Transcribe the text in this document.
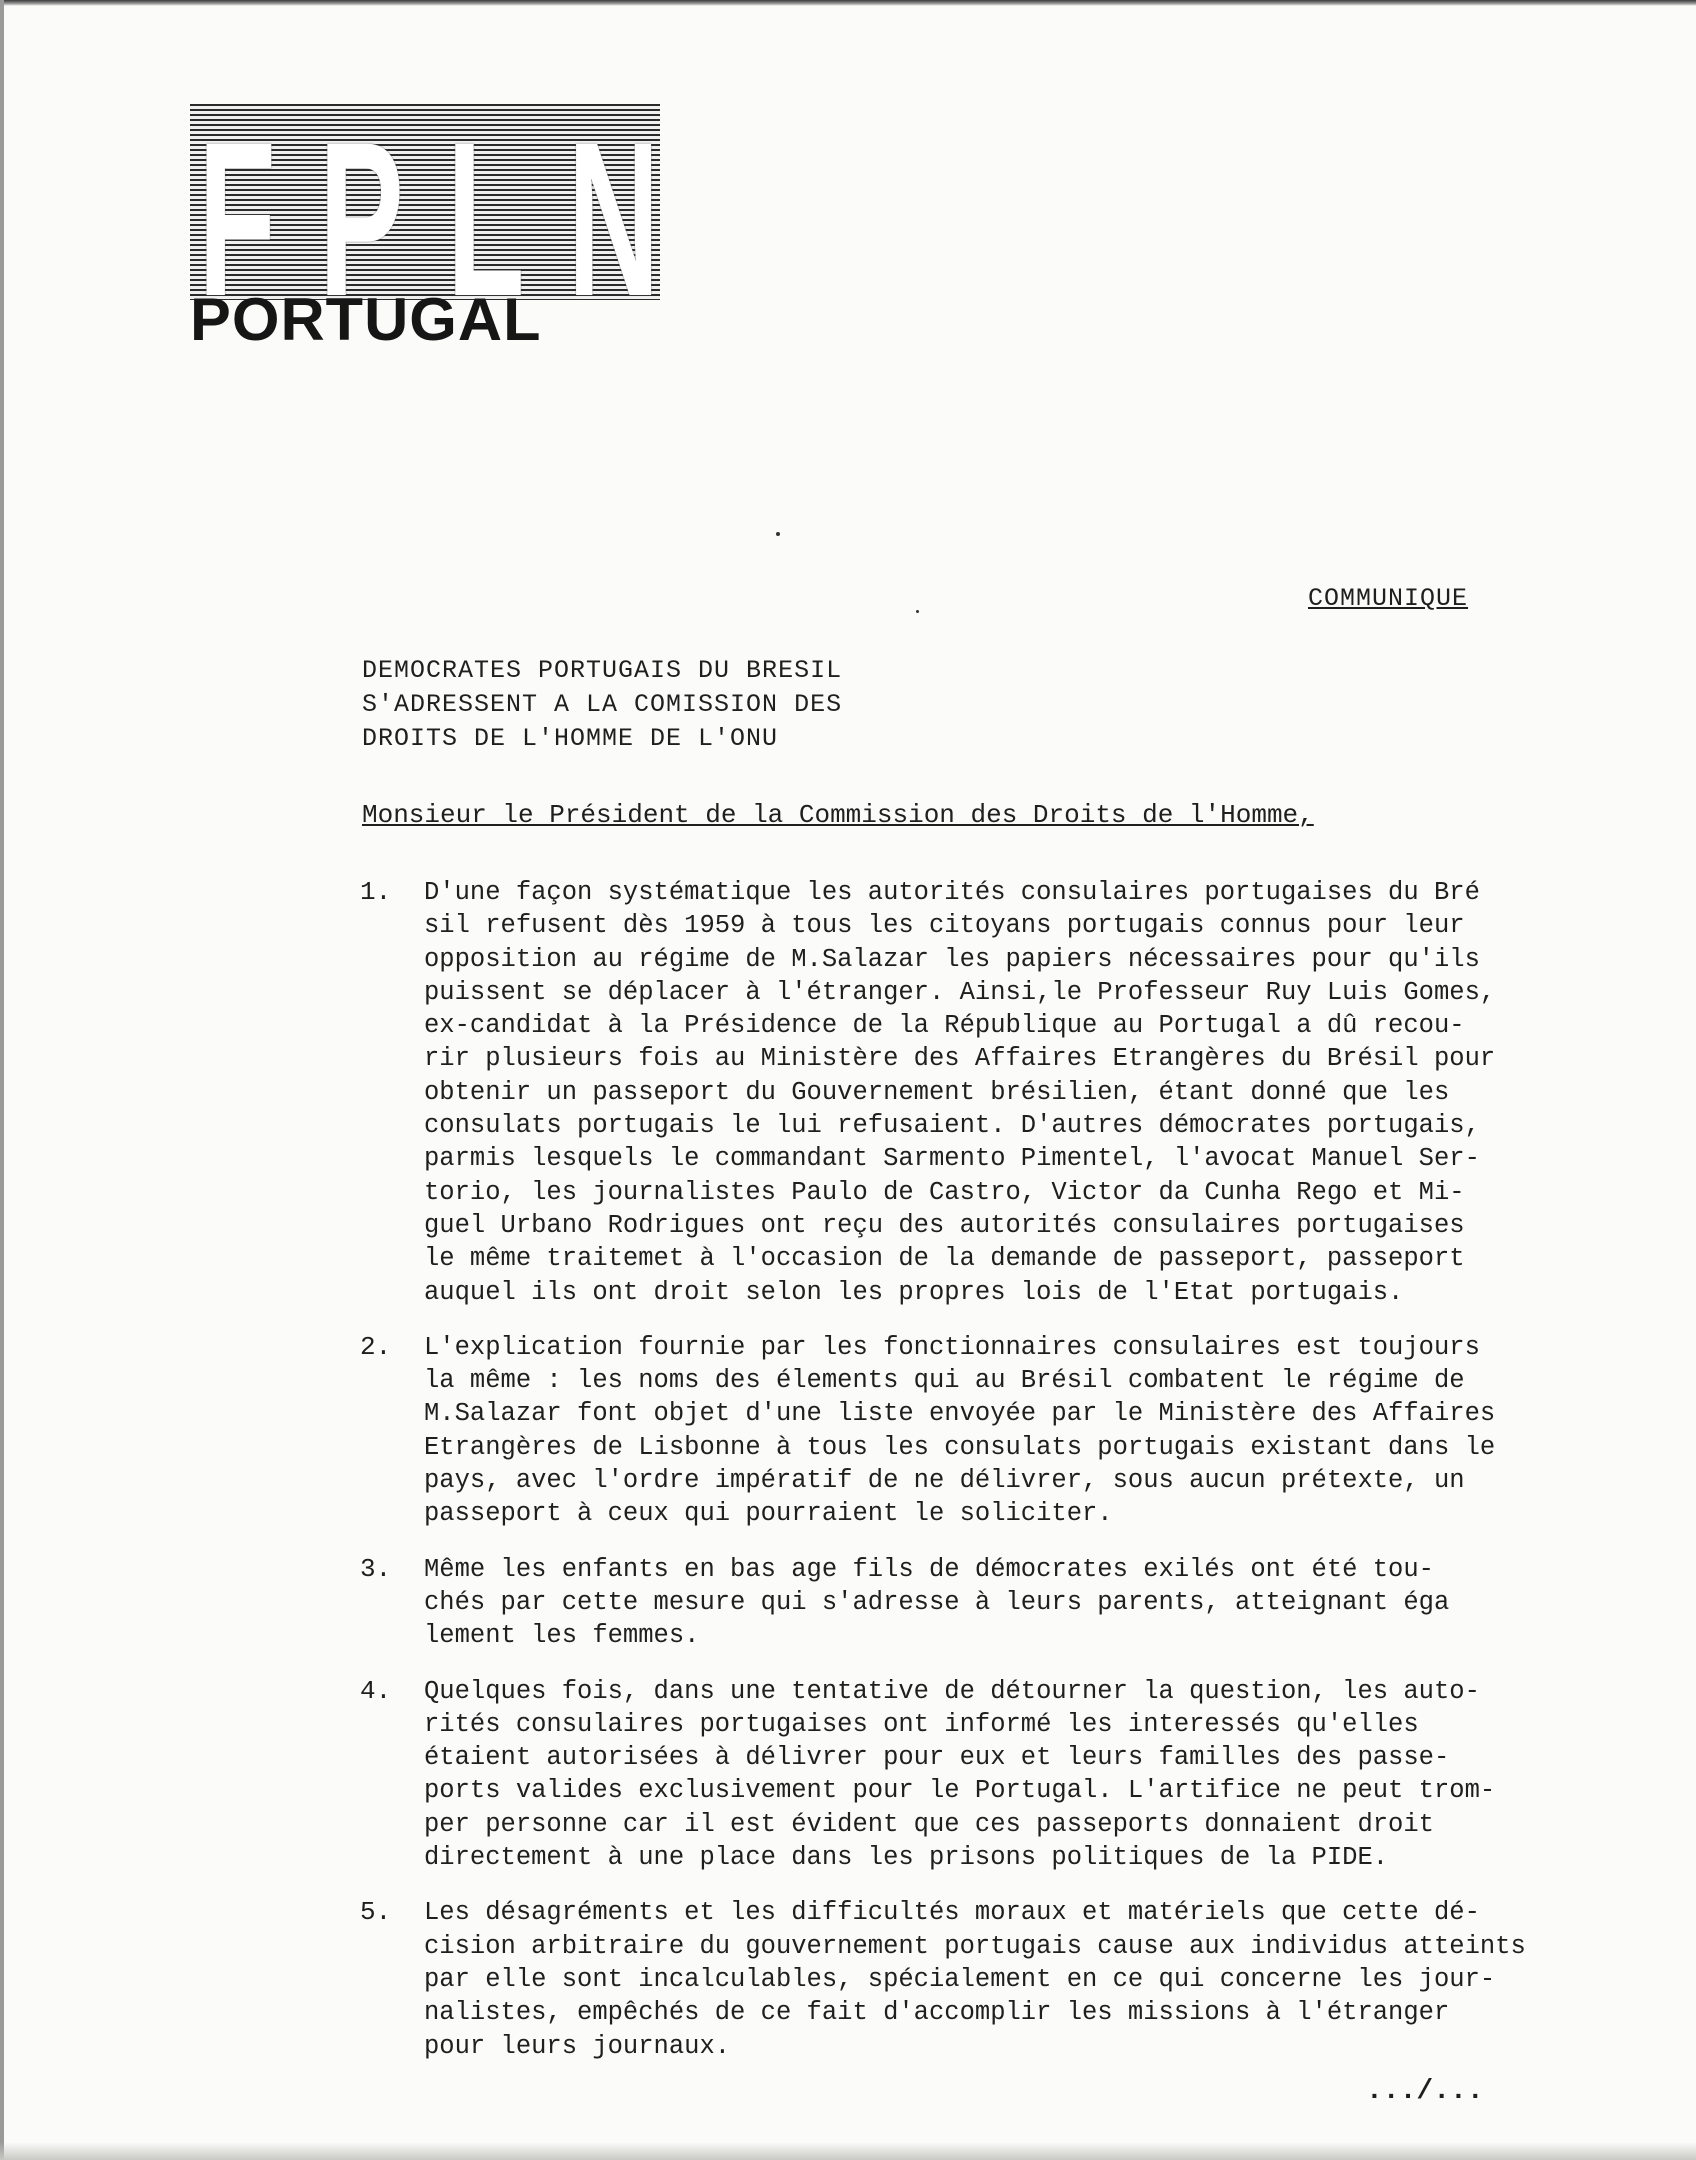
F P L N
PORTUGAL
COMMUNIQUE
DEMOCRATES PORTUGAIS DU BRESIL
S'ADRESSENT A LA COMISSION DES
DROITS DE L'HOMME DE L'ONU
Monsieur le Président de la Commission des Droits de l'Homme,
1.	D'une façon systématique les autorités consulaires portugaises du Bré
sil refusent dès 1959 à tous les citoyans portugais connus pour leur
opposition au régime de M.Salazar les papiers nécessaires pour qu'ils
puissent se déplacer à l'étranger. Ainsi,le Professeur Ruy Luis Gomes,
ex-candidat à la Présidence de la République au Portugal a dû recou-
rir plusieurs fois au Ministère des Affaires Etrangères du Brésil pour
obtenir un passeport du Gouvernement brésilien, étant donné que les
consulats portugais le lui refusaient. D'autres démocrates portugais,
parmis lesquels le commandant Sarmento Pimentel, l'avocat Manuel Ser-
torio, les journalistes Paulo de Castro, Victor da Cunha Rego et Mi-
guel Urbano Rodrigues ont reçu des autorités consulaires portugaises
le même traitemet à l'occasion de la demande de passeport, passeport
auquel ils ont droit selon les propres lois de l'Etat portugais.
2.	L'explication fournie par les fonctionnaires consulaires est toujours
la même : les noms des élements qui au Brésil combatent le régime de
M.Salazar font objet d'une liste envoyée par le Ministère des Affaires
Etrangères de Lisbonne à tous les consulats portugais existant dans le
pays, avec l'ordre impératif de ne délivrer, sous aucun prétexte, un
passeport à ceux qui pourraient le soliciter.
3.	Même les enfants en bas age fils de démocrates exilés ont été tou-
chés par cette mesure qui s'adresse à leurs parents, atteignant éga
lement les femmes.
4.	Quelques fois, dans une tentative de détourner la question, les auto-
rités consulaires portugaises ont informé les interessés qu'elles
étaient autorisées à délivrer pour eux et leurs familles des passe-
ports valides exclusivement pour le Portugal. L'artifice ne peut trom-
per personne car il est évident que ces passeports donnaient droit
directement à une place dans les prisons politiques de la PIDE.
5.	Les désagréments et les difficultés moraux et matériels que cette dé-
cision arbitraire du gouvernement portugais cause aux individus atteints
par elle sont incalculables, spécialement en ce qui concerne les jour-
nalistes, empêchés de ce fait d'accomplir les missions à l'étranger
pour leurs journaux.
.../...
